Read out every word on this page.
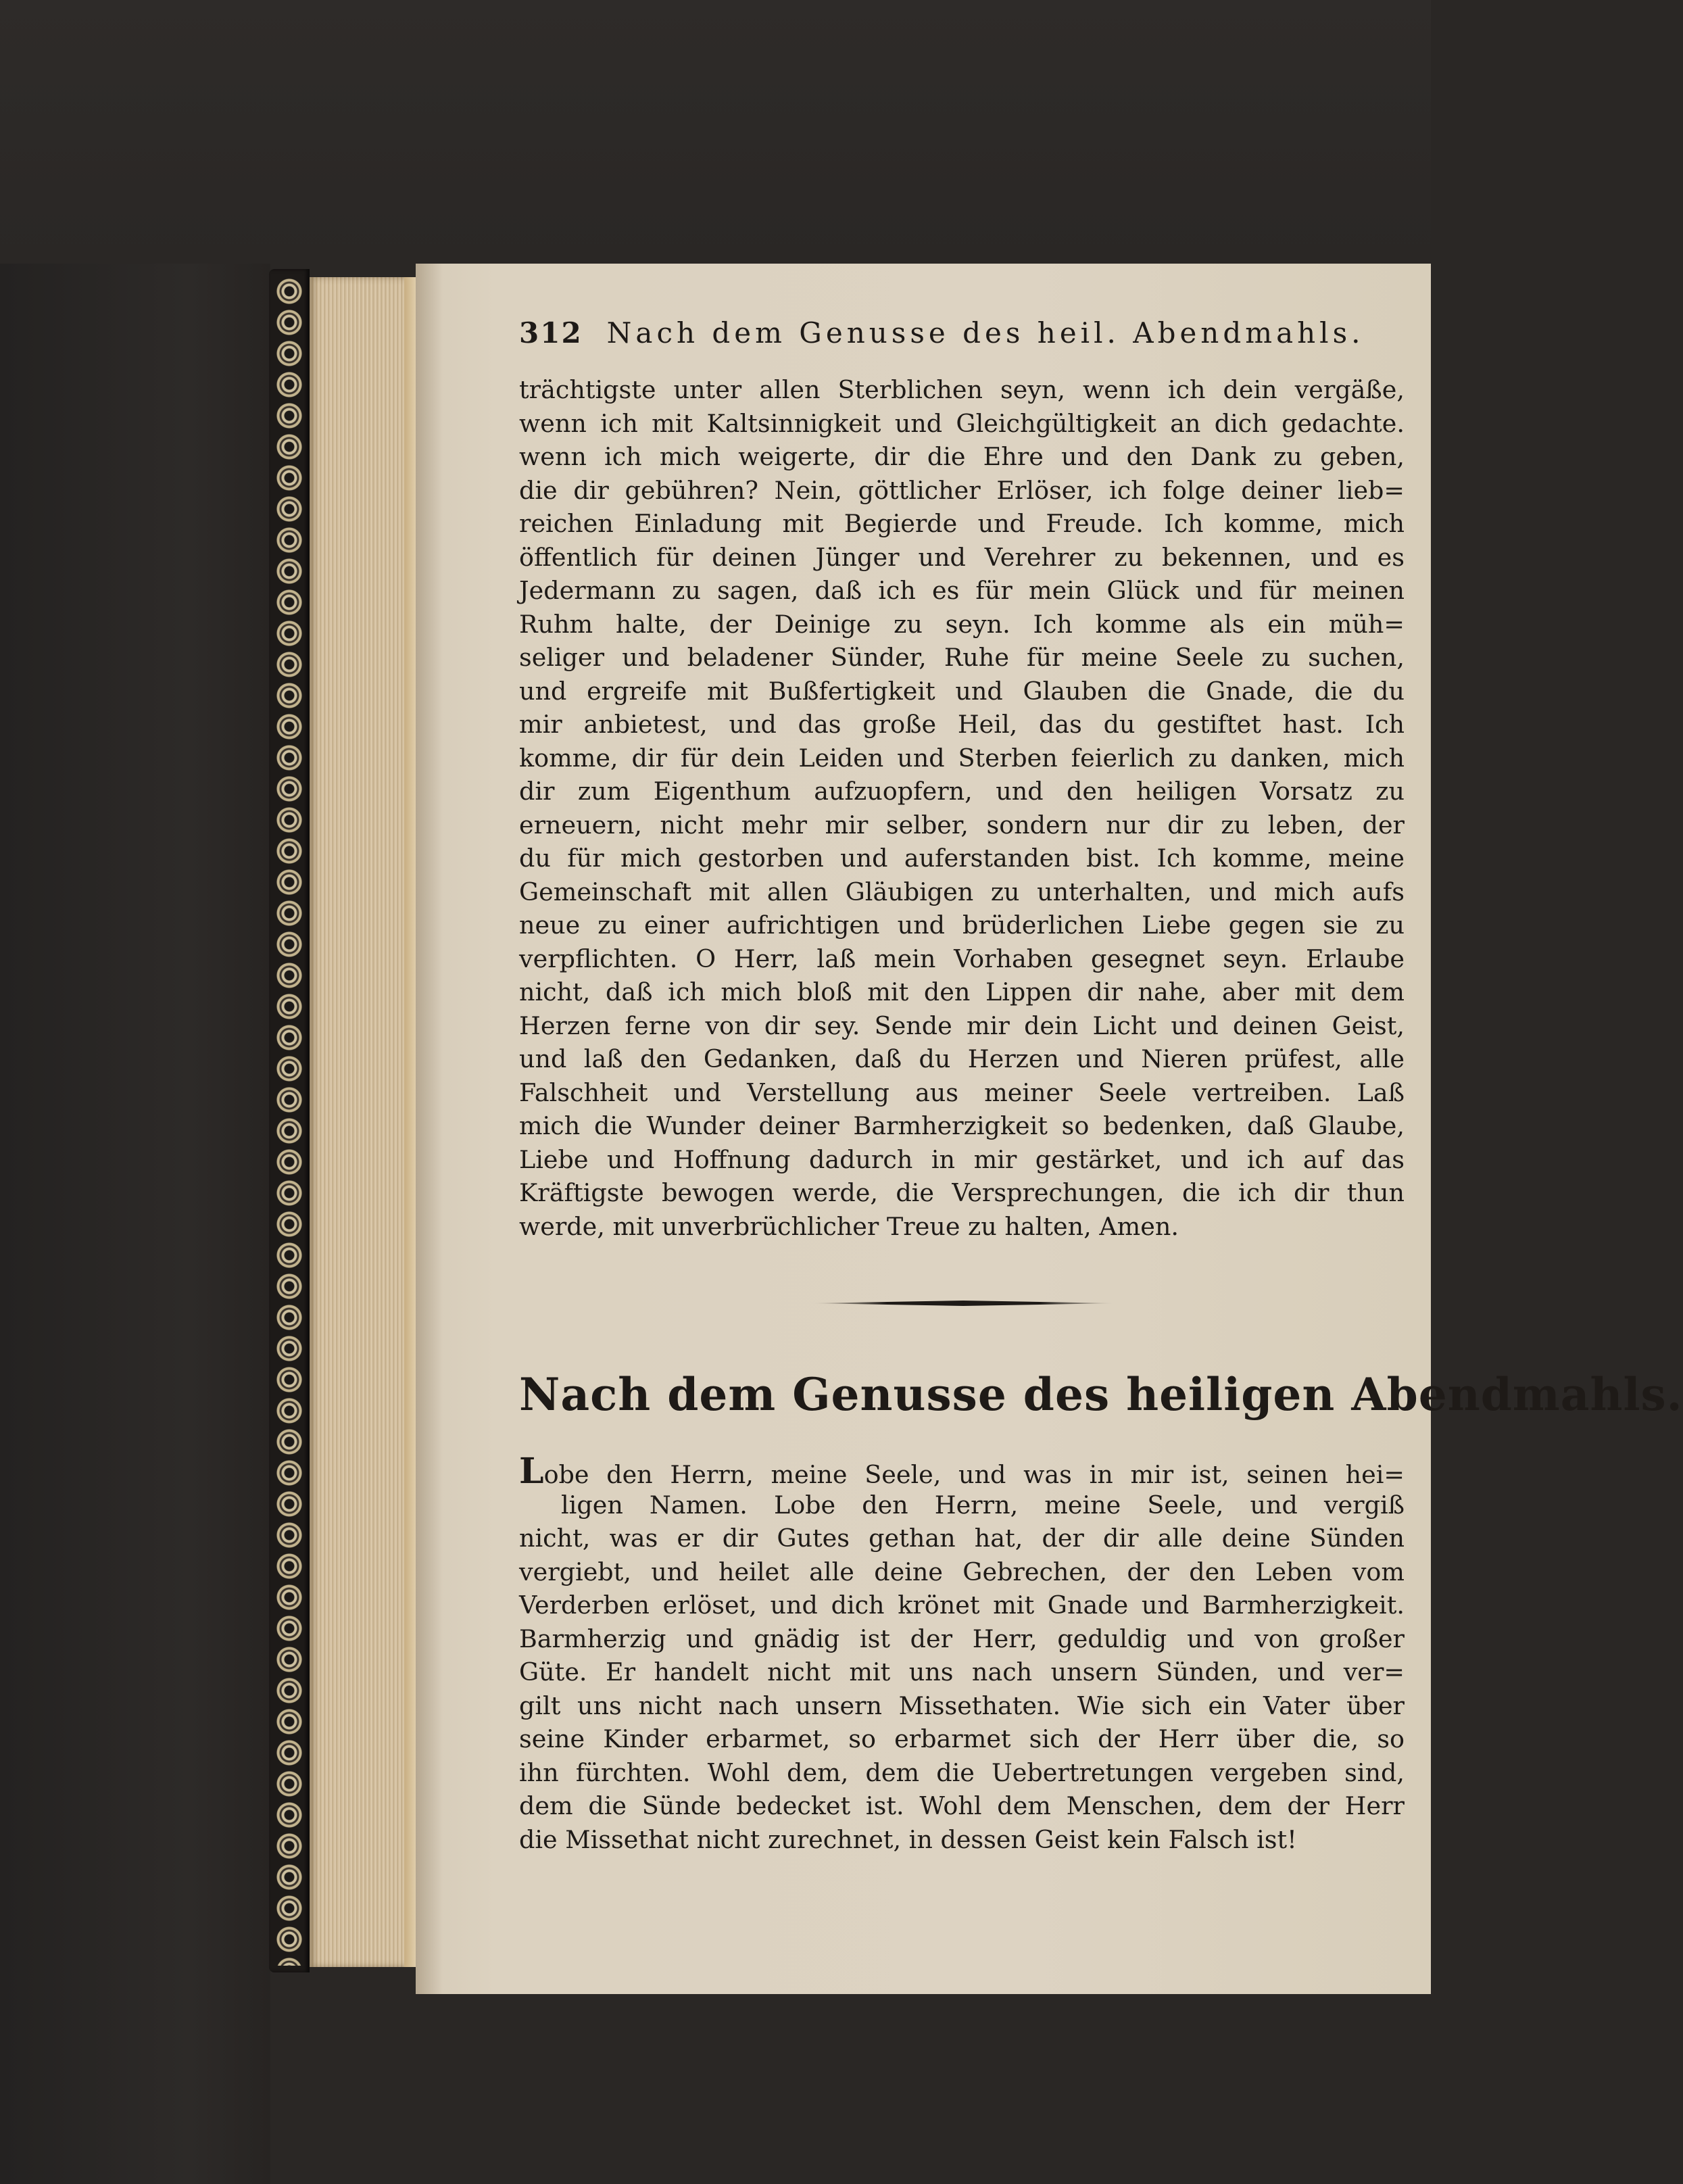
312 Nach dem Genusse des heil. Abendmahls.
trächtigste unter allen Sterblichen seyn, wenn ich dein vergäße,
wenn ich mit Kaltsinnigkeit und Gleichgültigkeit an dich gedachte.
wenn ich mich weigerte, dir die Ehre und den Dank zu geben,
die dir gebühren? Nein, göttlicher Erlöser, ich folge deiner lieb=
reichen Einladung mit Begierde und Freude. Ich komme, mich
öffentlich für deinen Jünger und Verehrer zu bekennen, und es
Jedermann zu sagen, daß ich es für mein Glück und für meinen
Ruhm halte, der Deinige zu seyn. Ich komme als ein müh=
seliger und beladener Sünder, Ruhe für meine Seele zu suchen,
und ergreife mit Bußfertigkeit und Glauben die Gnade, die du
mir anbietest, und das große Heil, das du gestiftet hast. Ich
komme, dir für dein Leiden und Sterben feierlich zu danken, mich
dir zum Eigenthum aufzuopfern, und den heiligen Vorsatz zu
erneuern, nicht mehr mir selber, sondern nur dir zu leben, der
du für mich gestorben und auferstanden bist. Ich komme, meine
Gemeinschaft mit allen Gläubigen zu unterhalten, und mich aufs
neue zu einer aufrichtigen und brüderlichen Liebe gegen sie zu
verpflichten. O Herr, laß mein Vorhaben gesegnet seyn. Erlaube
nicht, daß ich mich bloß mit den Lippen dir nahe, aber mit dem
Herzen ferne von dir sey. Sende mir dein Licht und deinen Geist,
und laß den Gedanken, daß du Herzen und Nieren prüfest, alle
Falschheit und Verstellung aus meiner Seele vertreiben. Laß
mich die Wunder deiner Barmherzigkeit so bedenken, daß Glaube,
Liebe und Hoffnung dadurch in mir gestärket, und ich auf das
Kräftigste bewogen werde, die Versprechungen, die ich dir thun
werde, mit unverbrüchlicher Treue zu halten, Amen.
Nach dem Genusse des heiligen Abendmahls.
Lobe den Herrn, meine Seele, und was in mir ist, seinen hei=
ligen Namen. Lobe den Herrn, meine Seele, und vergiß
nicht, was er dir Gutes gethan hat, der dir alle deine Sünden
vergiebt, und heilet alle deine Gebrechen, der den Leben vom
Verderben erlöset, und dich krönet mit Gnade und Barmherzigkeit.
Barmherzig und gnädig ist der Herr, geduldig und von großer
Güte. Er handelt nicht mit uns nach unsern Sünden, und ver=
gilt uns nicht nach unsern Missethaten. Wie sich ein Vater über
seine Kinder erbarmet, so erbarmet sich der Herr über die, so
ihn fürchten. Wohl dem, dem die Uebertretungen vergeben sind,
dem die Sünde bedecket ist. Wohl dem Menschen, dem der Herr
die Missethat nicht zurechnet, in dessen Geist kein Falsch ist!
